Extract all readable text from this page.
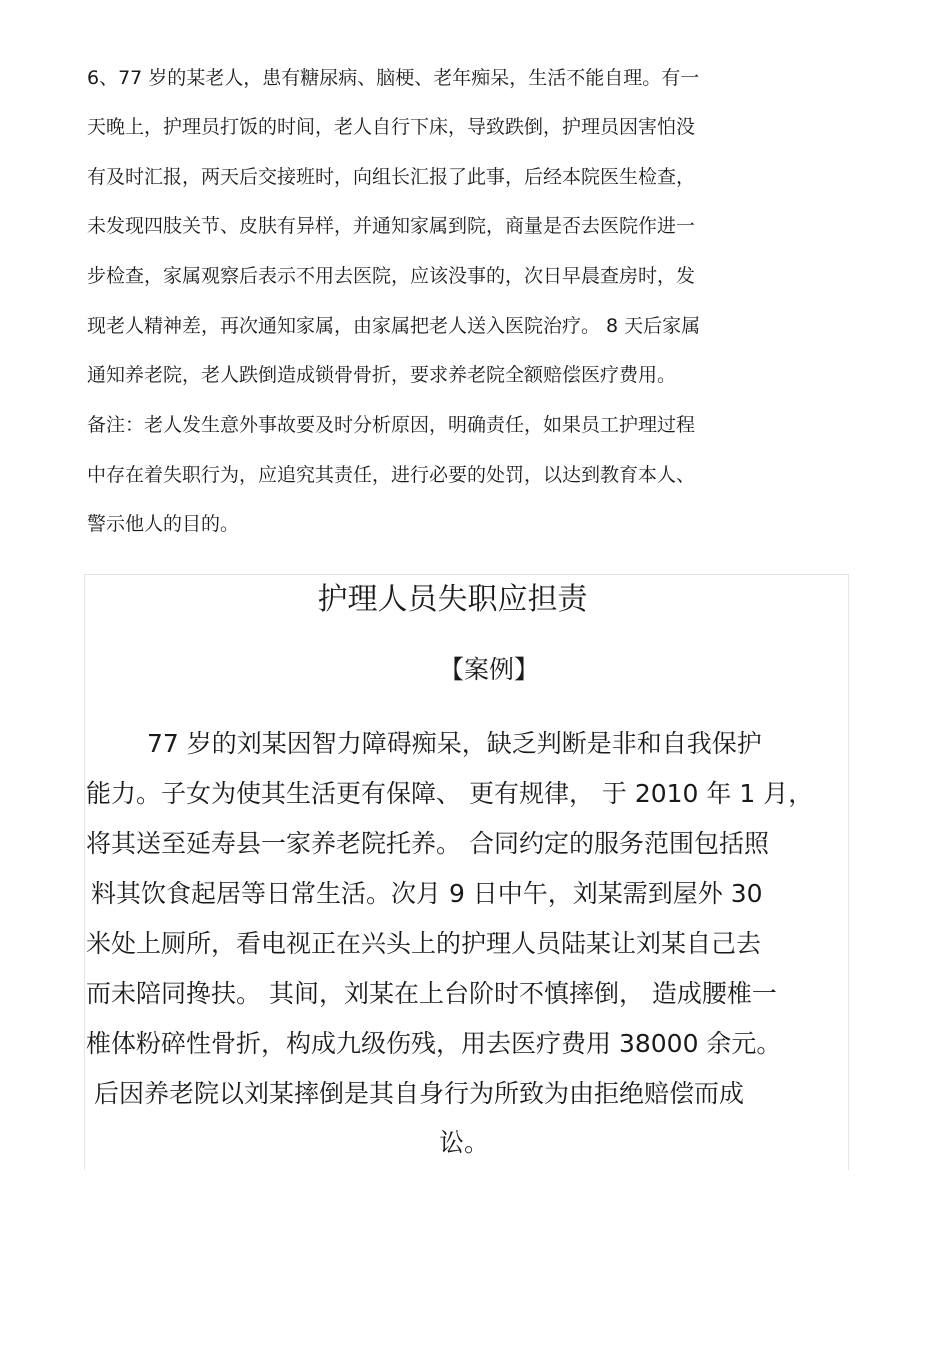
6、77 岁的某老人，患有糖尿病、脑梗、老年痴呆，生活不能自理。有一

天晚上，护理员打饭的时间，老人自行下床，导致跌倒，护理员因害怕没

有及时汇报，两天后交接班时，向组长汇报了此事，后经本院医生检查，

未发现四肢关节、皮肤有异样，并通知家属到院，商量是否去医院作进一

步检查，家属观察后表示不用去医院，应该没事的，次日早晨查房时，发

现老人精神差，再次通知家属，由家属把老人送入医院治疗。 8 天后家属

通知养老院，老人跌倒造成锁骨骨折，要求养老院全额赔偿医疗费用。

备注：老人发生意外事故要及时分析原因，明确责任，如果员工护理过程

中存在着失职行为，应追究其责任，进行必要的处罚，以达到教育本人、

警示他人的目的。

护理人员失职应担责
【案例】

77 岁的刘某因智力障碍痴呆，缺乏判断是非和自我保护

能力。子女为使其生活更有保障、 更有规律， 于 2010 年 1 月，

将其送至延寿县一家养老院托养。 合同约定的服务范围包括照

料其饮食起居等日常生活。次月 9 日中午，刘某需到屋外 30

米处上厕所，看电视正在兴头上的护理人员陆某让刘某自己去

而未陪同搀扶。 其间，刘某在上台阶时不慎摔倒， 造成腰椎一

椎体粉碎性骨折，构成九级伤残，用去医疗费用 38000 余元。

后因养老院以刘某摔倒是其自身行为所致为由拒绝赔偿而成

讼。
